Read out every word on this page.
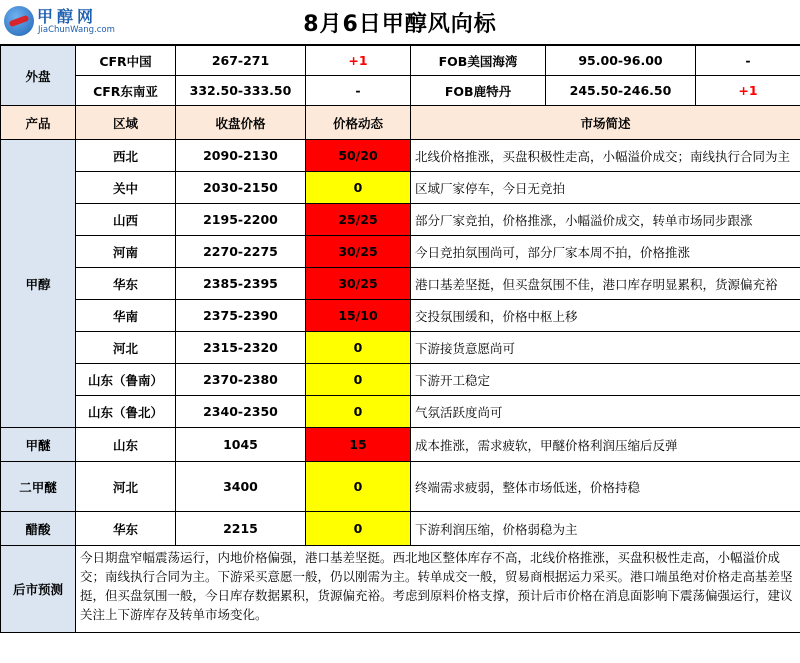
甲醇网
JiaChunWang.com	8月6日甲醇风向标
外盘	CFR中国	267-271	+1	FOB美国海湾	95.00-96.00	-
	CFR东南亚	332.50-333.50	-	FOB鹿特丹	245.50-246.50	+1
产品	区域	收盘价格	价格动态	市场简述		
甲醇	西北	2090-2130	50/20	北线价格推涨，买盘积极性走高，小幅溢价成交；南线执行合同为主		
	关中	2030-2150	0	区域厂家停车，今日无竞拍		
	山西	2195-2200	25/25	部分厂家竞拍，价格推涨，小幅溢价成交，转单市场同步跟涨		
	河南	2270-2275	30/25	今日竞拍氛围尚可，部分厂家本周不拍，价格推涨		
	华东	2385-2395	30/25	港口基差坚挺，但买盘氛围不佳，港口库存明显累积，货源偏充裕		
	华南	2375-2390	15/10	交投氛围缓和，价格中枢上移		
	河北	2315-2320	0	下游接货意愿尚可		
	山东（鲁南）	2370-2380	0	下游开工稳定		
	山东（鲁北）	2340-2350	0	气氛活跃度尚可		
甲醚	山东	1045	15	成本推涨，需求疲软，甲醚价格利润压缩后反弹		
二甲醚	河北	3400	0	终端需求疲弱，整体市场低迷，价格持稳		
醋酸	华东	2215	0	下游利润压缩，价格弱稳为主		
后市预测	今日期盘窄幅震荡运行，内地价格偏强，港口基差坚挺。西北地区整体库存不高，北线价格推涨，买盘积极性走高，小幅溢价成交；南线执行合同为主。下游采买意愿一般，仍以刚需为主。转单成交一般，贸易商根据运力采买。港口端虽绝对价格走高基差坚挺，但买盘氛围一般，今日库存数据累积，货源偏充裕。考虑到原料价格支撑，预计后市价格在消息面影响下震荡偏强运行，建议关注上下游库存及转单市场变化。					
